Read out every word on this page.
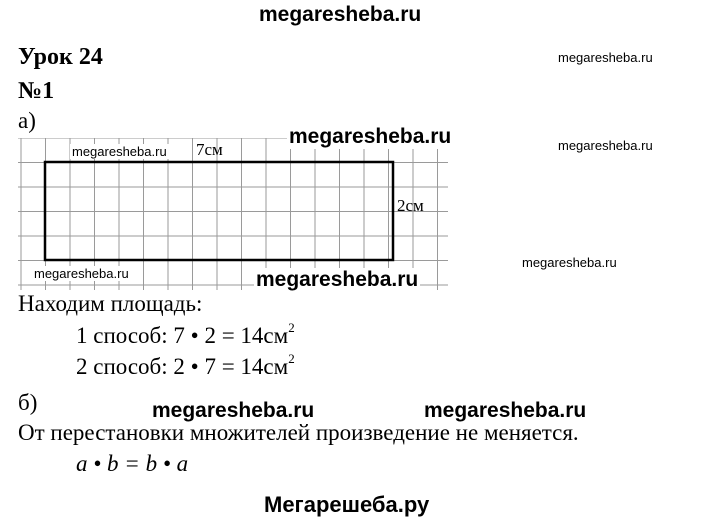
megaresheba.ru
Урок 24
№1
а)
megaresheba.ru
megaresheba.ru
megaresheba.ru
7см
2см
megaresheba.ru
megaresheba.ru
megaresheba.ru	megaresheba.ru
Находим площадь:
1 способ: 7 • $2 = 14см^2$
2 способ: 2 • $7 = 14см^2$
б)	megaresheba.ru	megaresheba.ru
От перестановки множителей произведение не меняется.
a • b = b • a
Мегарешеба.ру
